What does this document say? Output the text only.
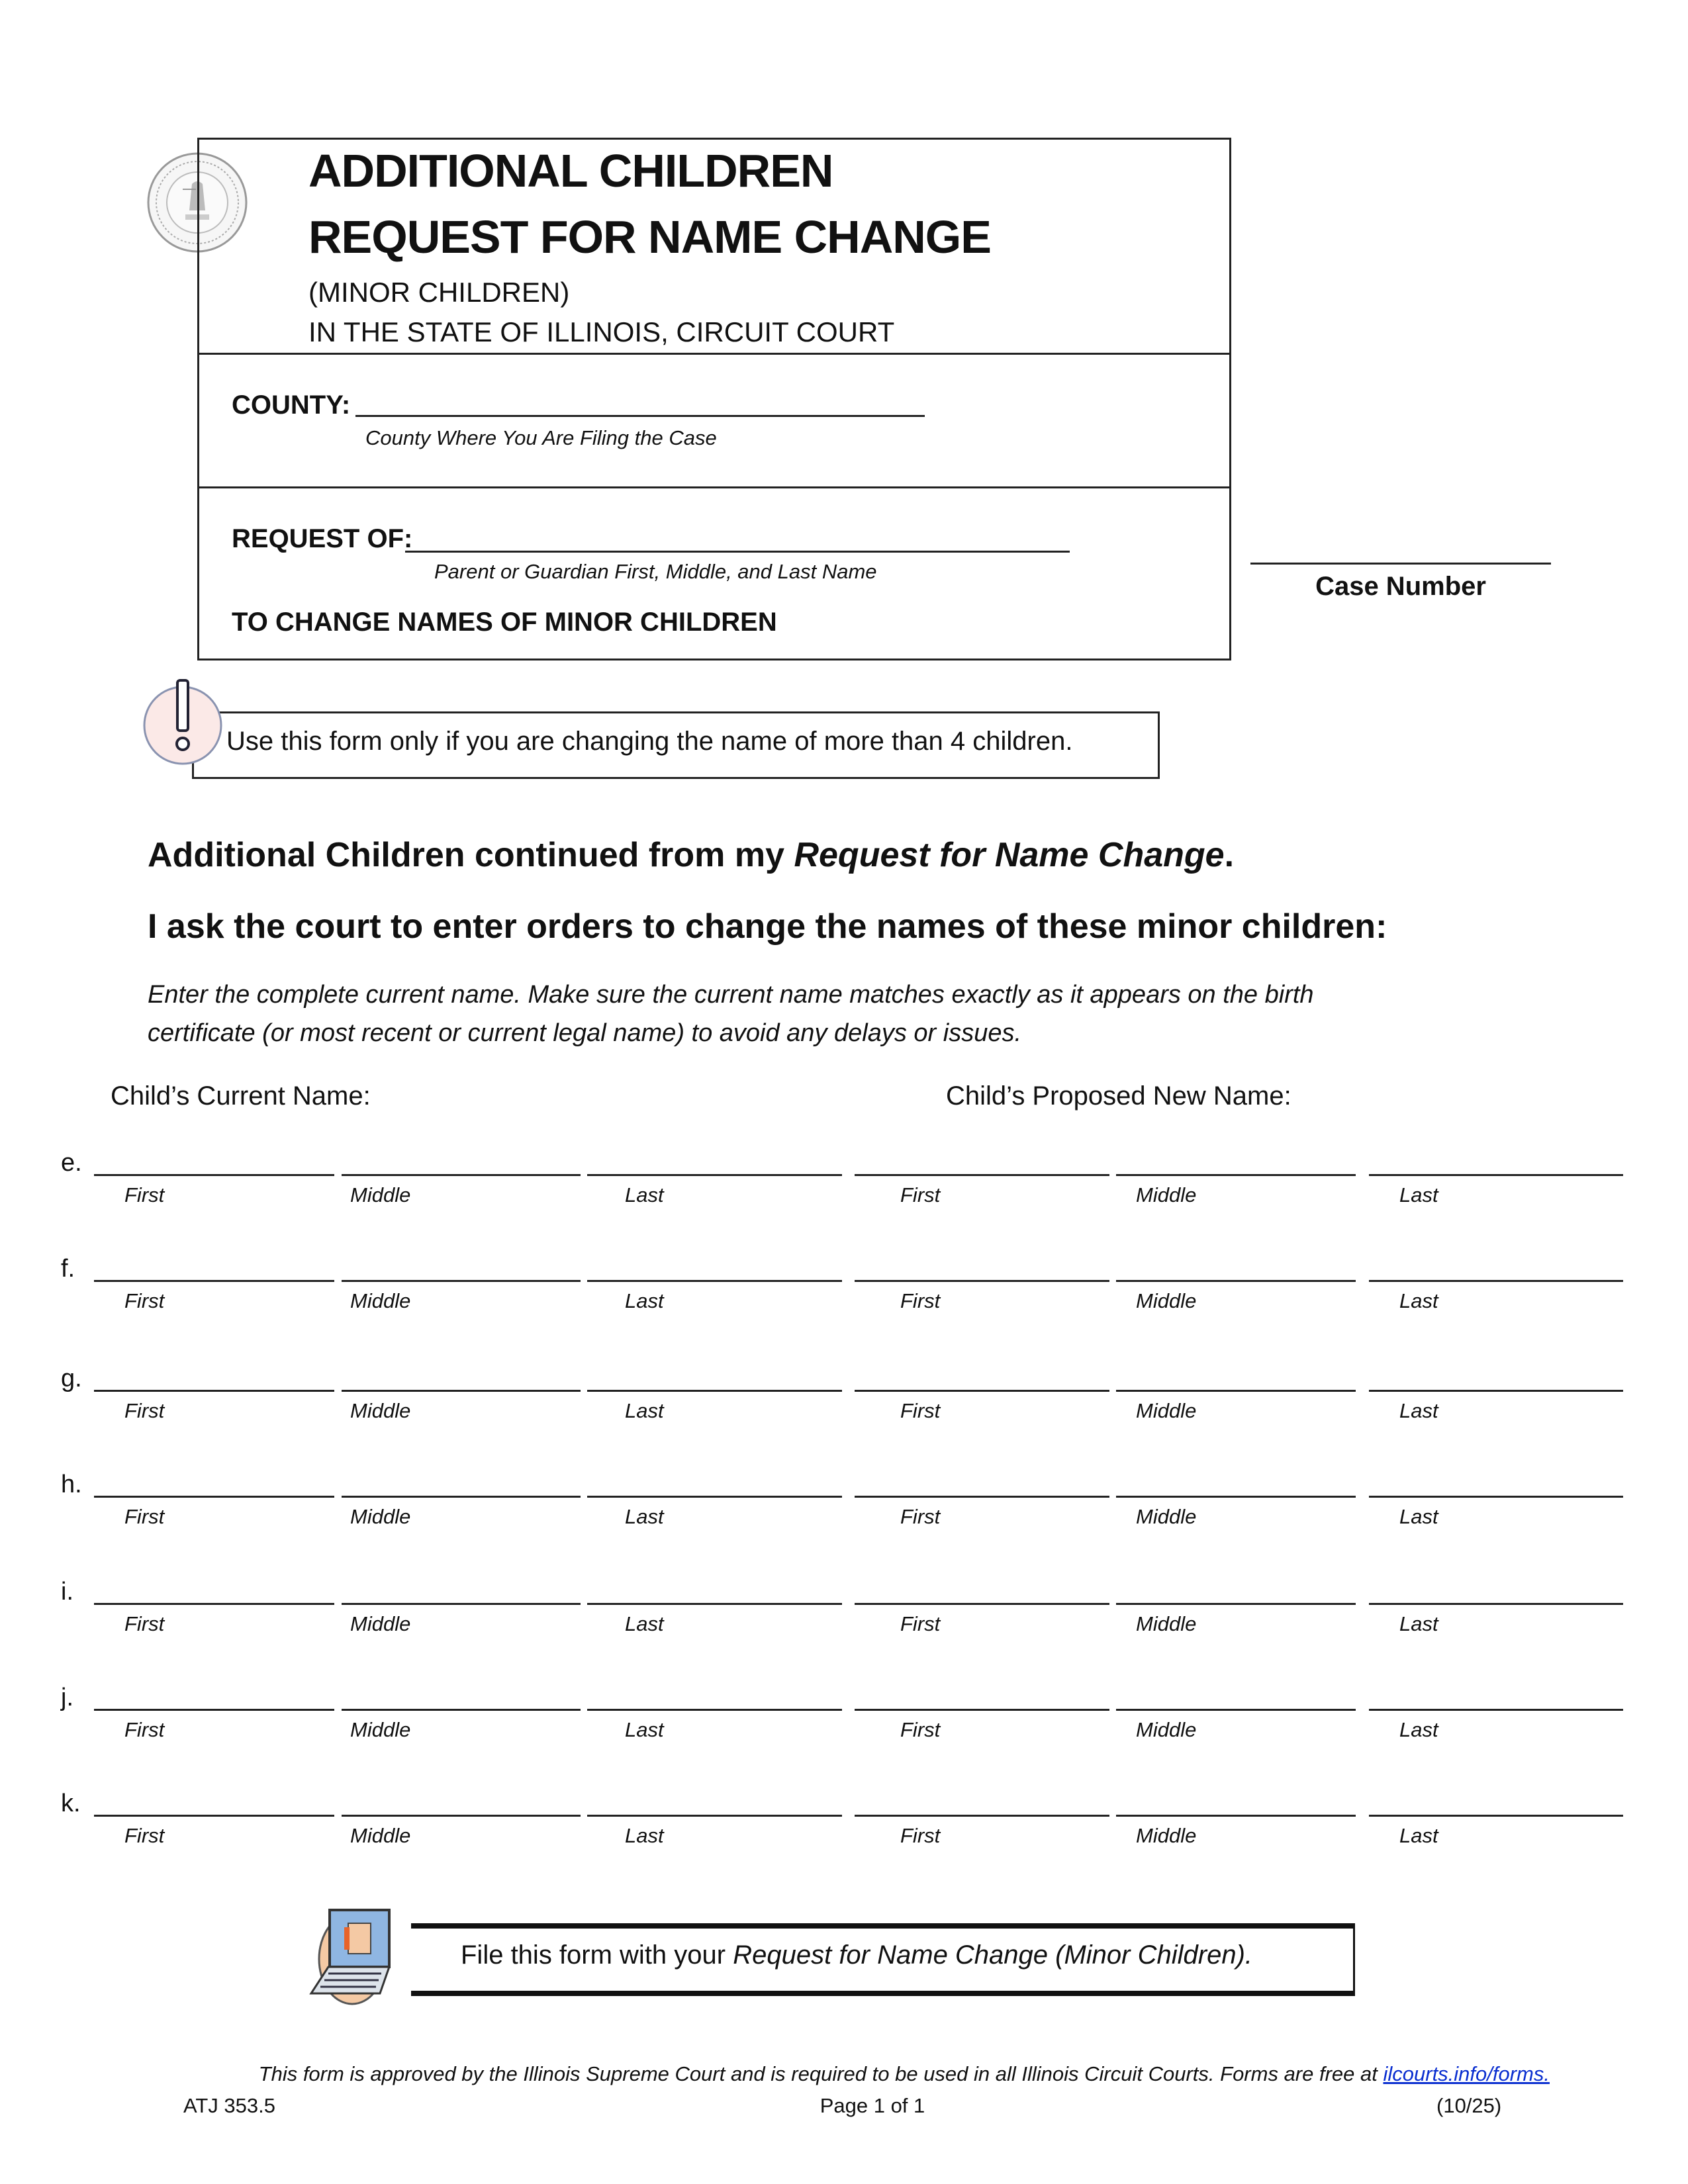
ADDITIONAL CHILDREN
REQUEST FOR NAME CHANGE
(MINOR CHILDREN)
IN THE STATE OF ILLINOIS, CIRCUIT COURT
COUNTY:
County Where You Are Filing the Case
REQUEST OF:
Parent or Guardian First, Middle, and Last Name
TO CHANGE NAMES OF MINOR CHILDREN
Case Number
Use this form only if you are changing the name of more than 4 children.
Additional Children continued from my Request for Name Change.
I ask the court to enter orders to change the names of these minor children:
Enter the complete current name. Make sure the current name matches exactly as it appears on the birth
certificate (or most recent or current legal name) to avoid any delays or issues.
Child’s Current Name:	Child’s Proposed New Name:
e.
First	Middle	Last	First	Middle	Last
f.
First	Middle	Last	First	Middle	Last
g.
First	Middle	Last	First	Middle	Last
h.
First	Middle	Last	First	Middle	Last
i.
First	Middle	Last	First	Middle	Last
j.
First	Middle	Last	First	Middle	Last
k.
First	Middle	Last	First	Middle	Last
File this form with your Request for Name Change (Minor Children).
This form is approved by the Illinois Supreme Court and is required to be used in all Illinois Circuit Courts. Forms are free at ilcourts.info/forms.
ATJ 353.5	Page 1 of 1	(10/25)
